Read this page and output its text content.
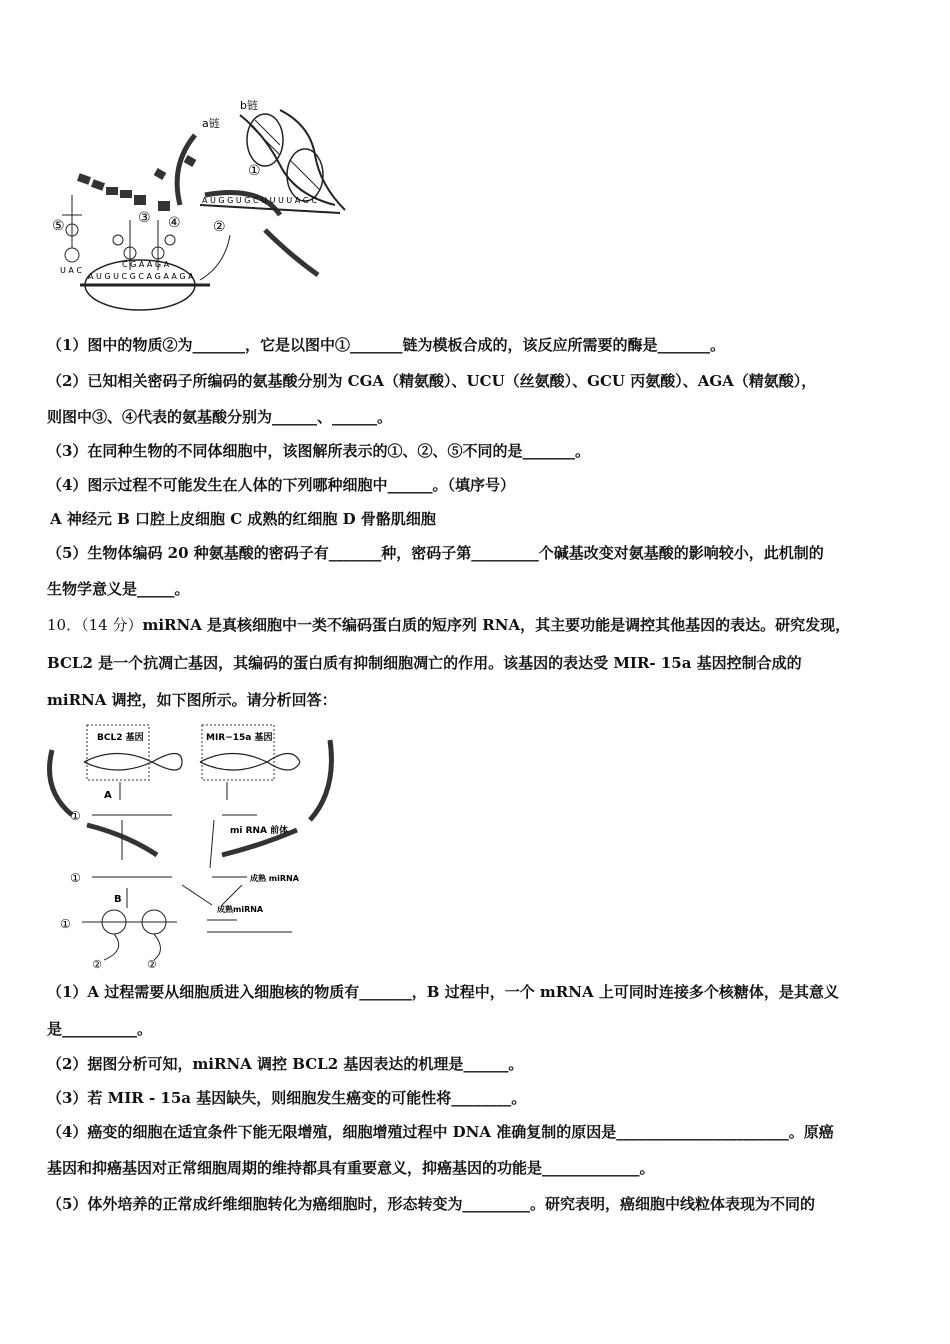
b链
a链
①
A U G G U G C U U U U A G C
②
A U G U C G C A G A A G A
⑤
U A C
C G A A G A
③ ④
（1）图中的物质②为_______，它是以图中①_______链为模板合成的，该反应所需要的酶是_______。
（2）已知相关密码子所编码的氨基酸分别为 CGA（精氨酸）、UCU（丝氨酸）、GCU 丙氨酸）、AGA（精氨酸），
则图中③、④代表的氨基酸分别为______、______。
（3）在同种生物的不同体细胞中，该图解所表示的①、②、⑤不同的是_______。
（4）图示过程不可能发生在人体的下列哪种细胞中______。（填序号）
A 神经元 B 口腔上皮细胞 C 成熟的红细胞 D 骨骼肌细胞
（5）生物体编码 20 种氨基酸的密码子有_______种，密码子第_________个碱基改变对氨基酸的影响较小，此机制的
生物学意义是_____。
10．（14 分）miRNA 是真核细胞中一类不编码蛋白质的短序列 RNA，其主要功能是调控其他基因的表达。研究发现，
BCL2 是一个抗凋亡基因，其编码的蛋白质有抑制细胞凋亡的作用。该基因的表达受 MIR- 15a 基因控制合成的
miRNA 调控，如下图所示。请分析回答：
BCL2 基因	MIR−15a 基因
A
①
mi RNA 前体
①	成熟 miRNA
B
成熟miRNA
①
②	②
（1）A 过程需要从细胞质进入细胞核的物质有_______，B 过程中，一个 mRNA 上可同时连接多个核糖体，是其意义
是__________。
（2）据图分析可知，miRNA 调控 BCL2 基因表达的机理是______。
（3）若 MIR - 15a 基因缺失，则细胞发生癌变的可能性将________。
（4）癌变的细胞在适宜条件下能无限增殖，细胞增殖过程中 DNA 准确复制的原因是_______________________。原癌
基因和抑癌基因对正常细胞周期的维持都具有重要意义，抑癌基因的功能是_____________。
（5）体外培养的正常成纤维细胞转化为癌细胞时，形态转变为_________。研究表明，癌细胞中线粒体表现为不同的
